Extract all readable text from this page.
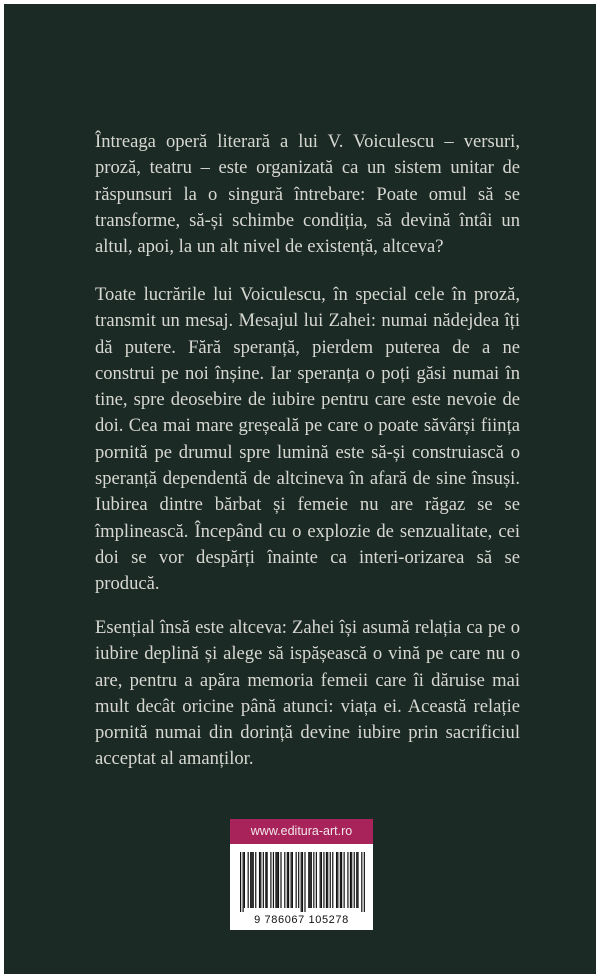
Întreaga operă literară a lui V. Voiculescu – versuri, proză, teatru – este organizată ca un sistem unitar de răspunsuri la o singură întrebare: Poate omul să se transforme, să-și schimbe condiția, să devină întâi un altul, apoi, la un alt nivel de existență, altceva?

Toate lucrările lui Voiculescu, în special cele în proză, transmit un mesaj. Mesajul lui Zahei: numai nădejdea îți dă putere. Fără speranță, pierdem puterea de a ne construi pe noi înșine. Iar speranța o poți găsi numai în tine, spre deosebire de iubire pentru care este nevoie de doi. Cea mai mare greșeală pe care o poate săvârși ființa pornită pe drumul spre lumină este să-și construiască o speranță dependentă de altcineva în afară de sine însuși. Iubirea dintre bărbat și femeie nu are răgaz se se împlinească. Începând cu o explozie de senzualitate, cei doi se vor despărți înainte ca interi-orizarea să se producă.

Esențial însă este altceva: Zahei își asumă relația ca pe o iubire deplină și alege să ispășească o vină pe care nu o are, pentru a apăra memoria femeii care îi dăruise mai mult decât oricine până atunci: viața ei. Această relație pornită numai din dorință devine iubire prin sacrificiul acceptat al amanților.

www.editura-art.ro
9 786067 105278
